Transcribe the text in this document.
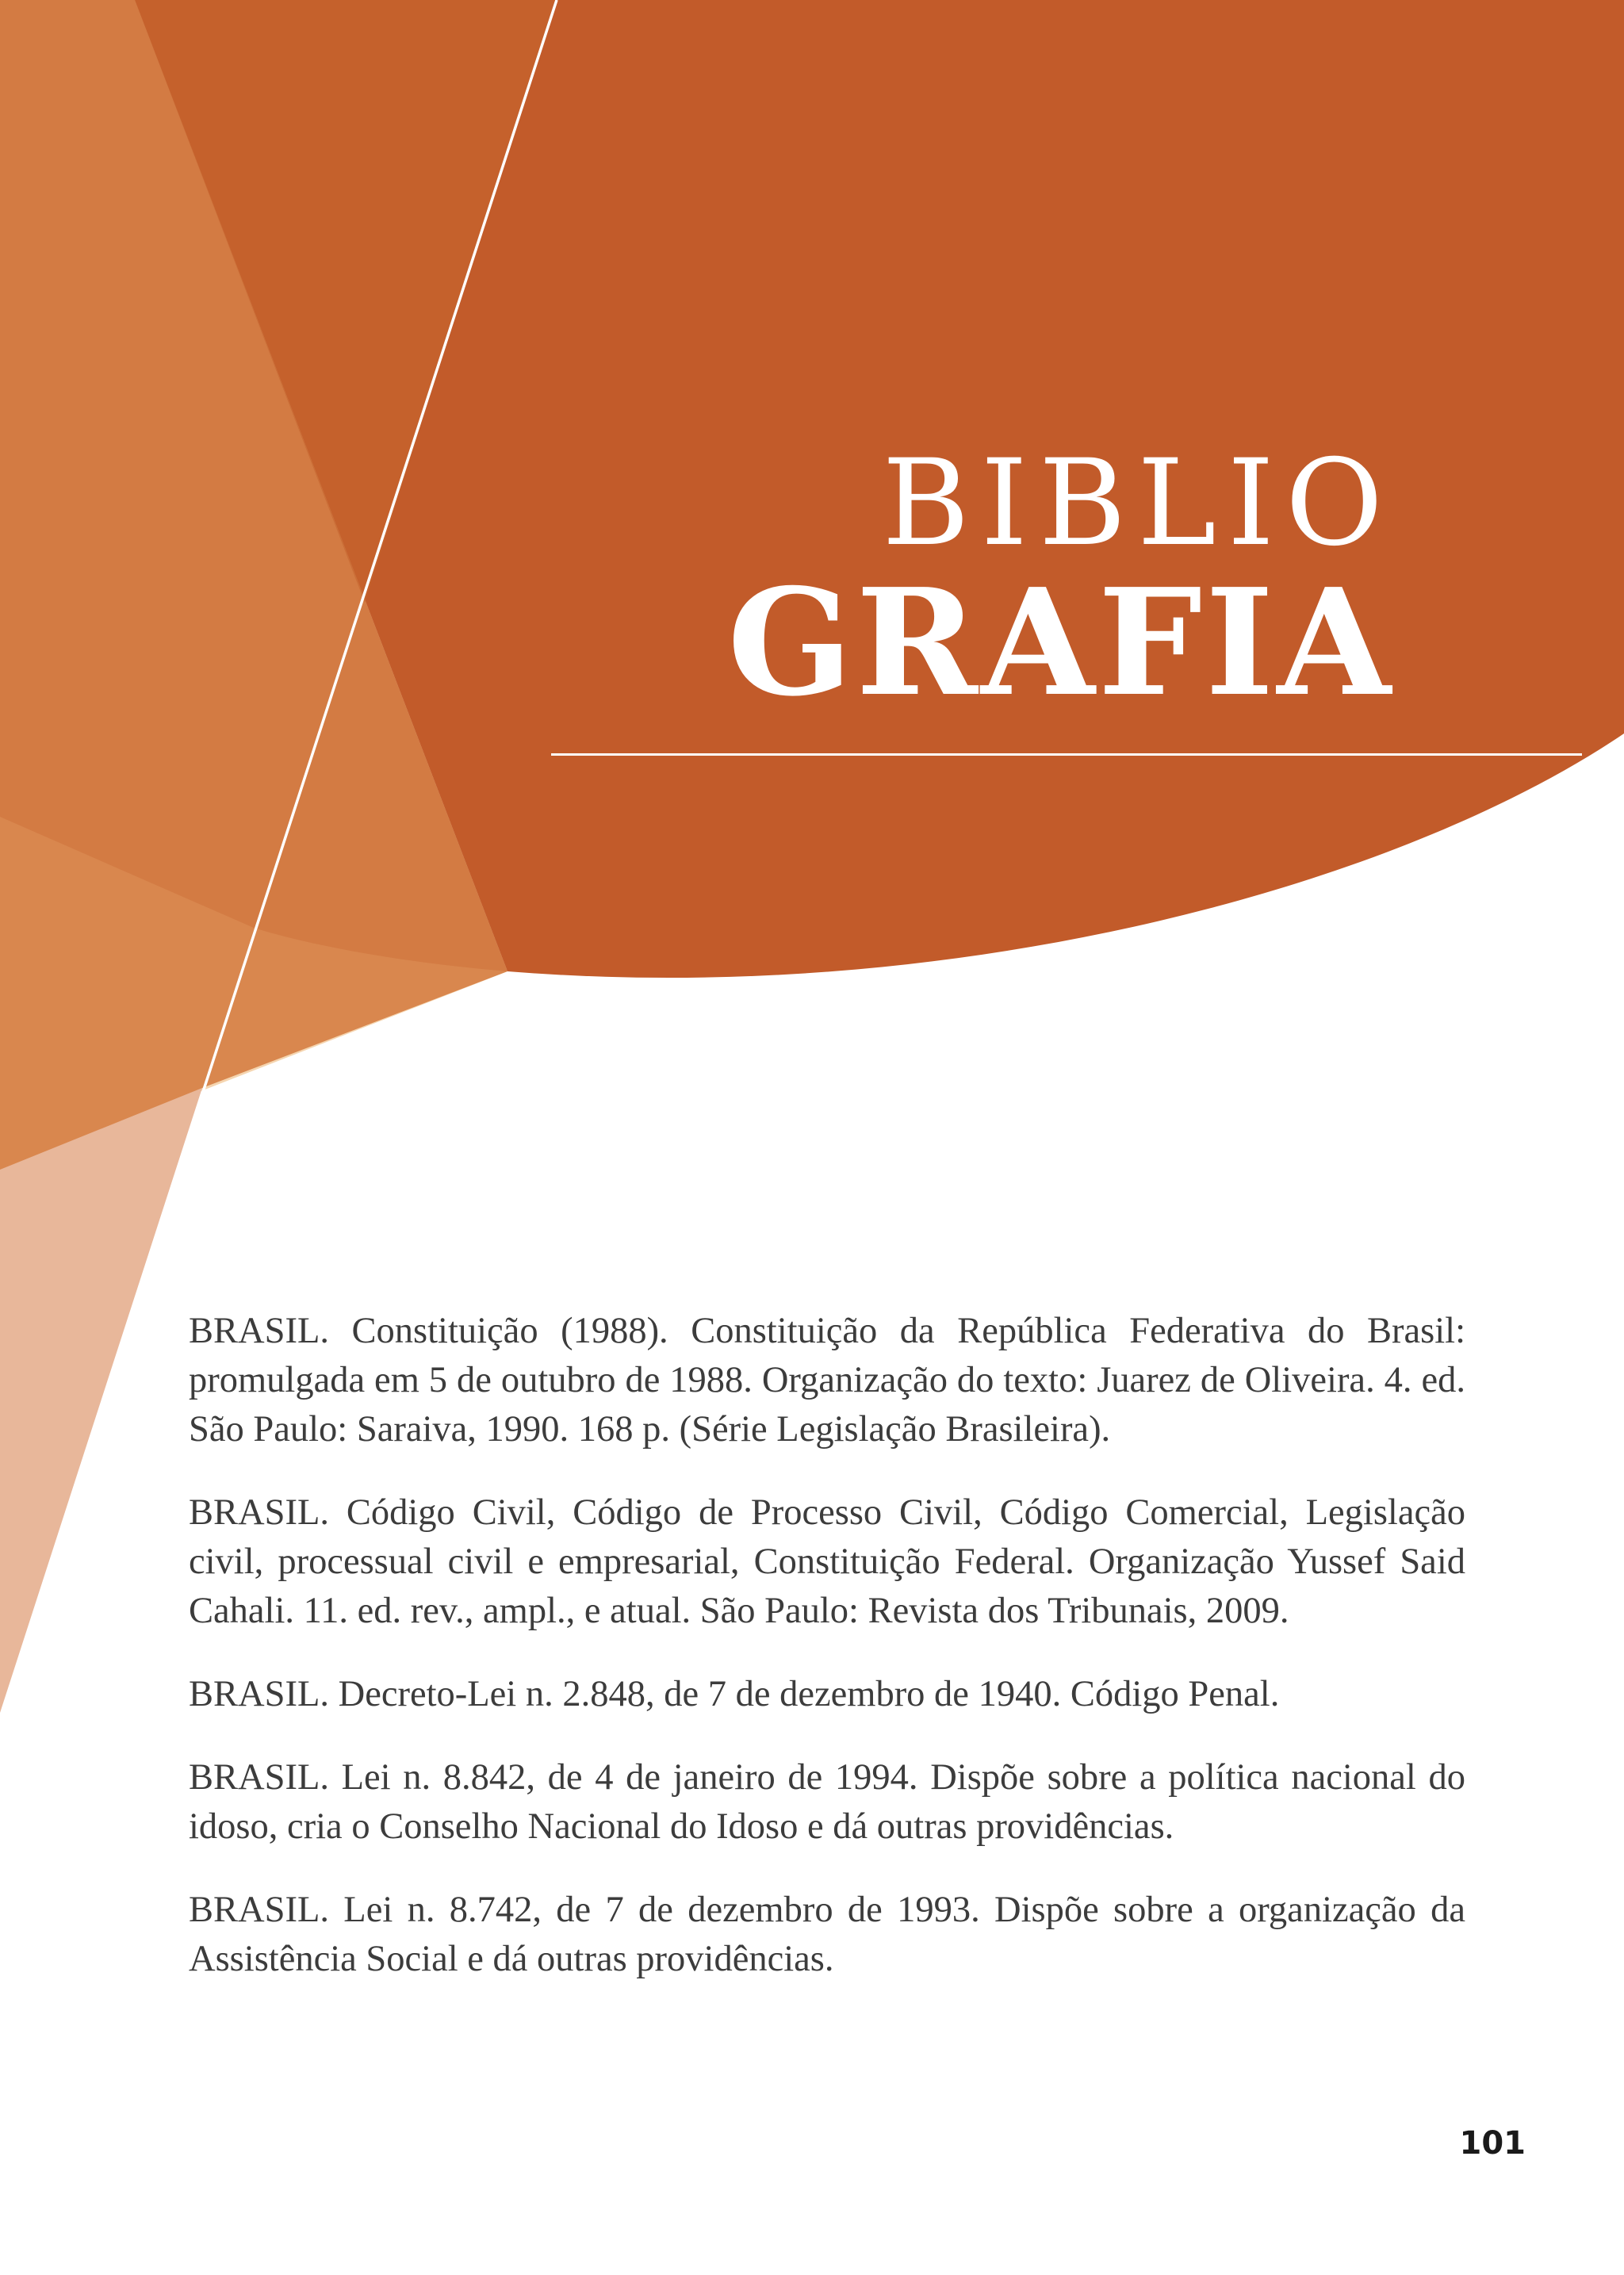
BIBLIO
GRAFIA

BRASIL. Constituição (1988). Constituição da República Federativa do Brasil: promulgada em 5 de outubro de 1988. Organização do texto: Juarez de Oliveira. 4. ed. São Paulo: Saraiva, 1990. 168 p. (Série Legislação Brasileira).

BRASIL. Código Civil, Código de Processo Civil, Código Comercial, Legislação civil, processual civil e empresarial, Constituição Federal. Organização Yussef Said Cahali. 11. ed. rev., ampl., e atual. São Paulo: Revista dos Tribunais, 2009.

BRASIL. Decreto-Lei n. 2.848, de 7 de dezembro de 1940. Código Penal.

BRASIL. Lei n. 8.842, de 4 de janeiro de 1994. Dispõe sobre a política nacional do idoso, cria o Conselho Nacional do Idoso e dá outras providências.

BRASIL. Lei n. 8.742, de 7 de dezembro de 1993. Dispõe sobre a organização da Assistência Social e dá outras providências.

101
